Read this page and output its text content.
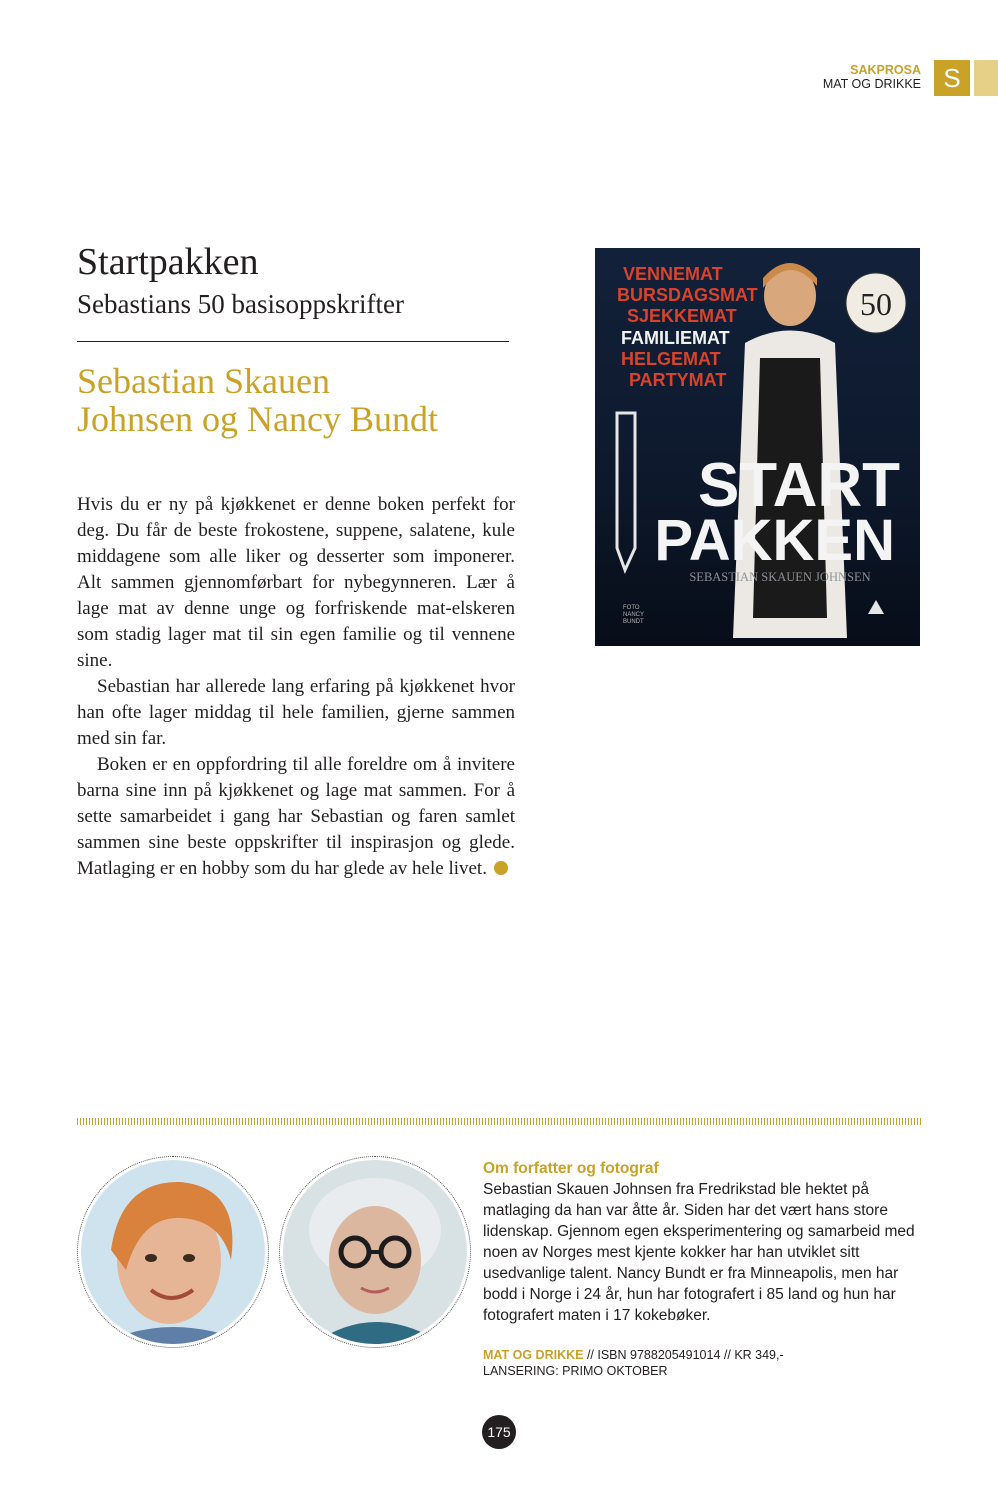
SAKPROSA
MAT OG DRIKKE S
Startpakken
Sebastians 50 basisoppskrifter
Sebastian Skauen
Johnsen og Nancy Bundt

Hvis du er ny på kjøkkenet er denne boken perfekt for deg. Du får de beste frokostene, suppene, salatene, kule middagene som alle liker og desserter som imponerer. Alt sammen gjennomførbart for nybegynneren. Lær å lage mat av denne unge og forfriskende mat-elskeren som stadig lager mat til sin egen familie og til vennene sine.

Sebastian har allerede lang erfaring på kjøkkenet hvor han ofte lager middag til hele familien, gjerne sammen med sin far.

Boken er en oppfordring til alle foreldre om å invitere barna sine inn på kjøkkenet og lage mat sammen. For å sette samarbeidet i gang har Sebastian og faren samlet sammen sine beste oppskrifter til inspirasjon og glede. Matlaging er en hobby som du har glede av hele livet.

VENNEMAT
BURSDAGSMAT
SJEKKEMAT
FAMILIEMAT
HELGEMAT
PARTYMAT
50
START
PAKKEN
SEBASTIAN SKAUEN JOHNSEN
FOTO
NANCY
BUNDT
Om forfatter og fotograf

Sebastian Skauen Johnsen fra Fredrikstad ble hektet på matlaging da han var åtte år. Siden har det vært hans store lidenskap. Gjennom egen eksperimentering og samarbeid med noen av Norges mest kjente kokker har han utviklet sitt usedvanlige talent. Nancy Bundt er fra Minneapolis, men har bodd i Norge i 24 år, hun har fotografert i 85 land og hun har fotografert maten i 17 kokebøker.

MAT OG DRIKKE // ISBN 9788205491014 // KR 349,-
LANSERING: PRIMO OKTOBER
175
